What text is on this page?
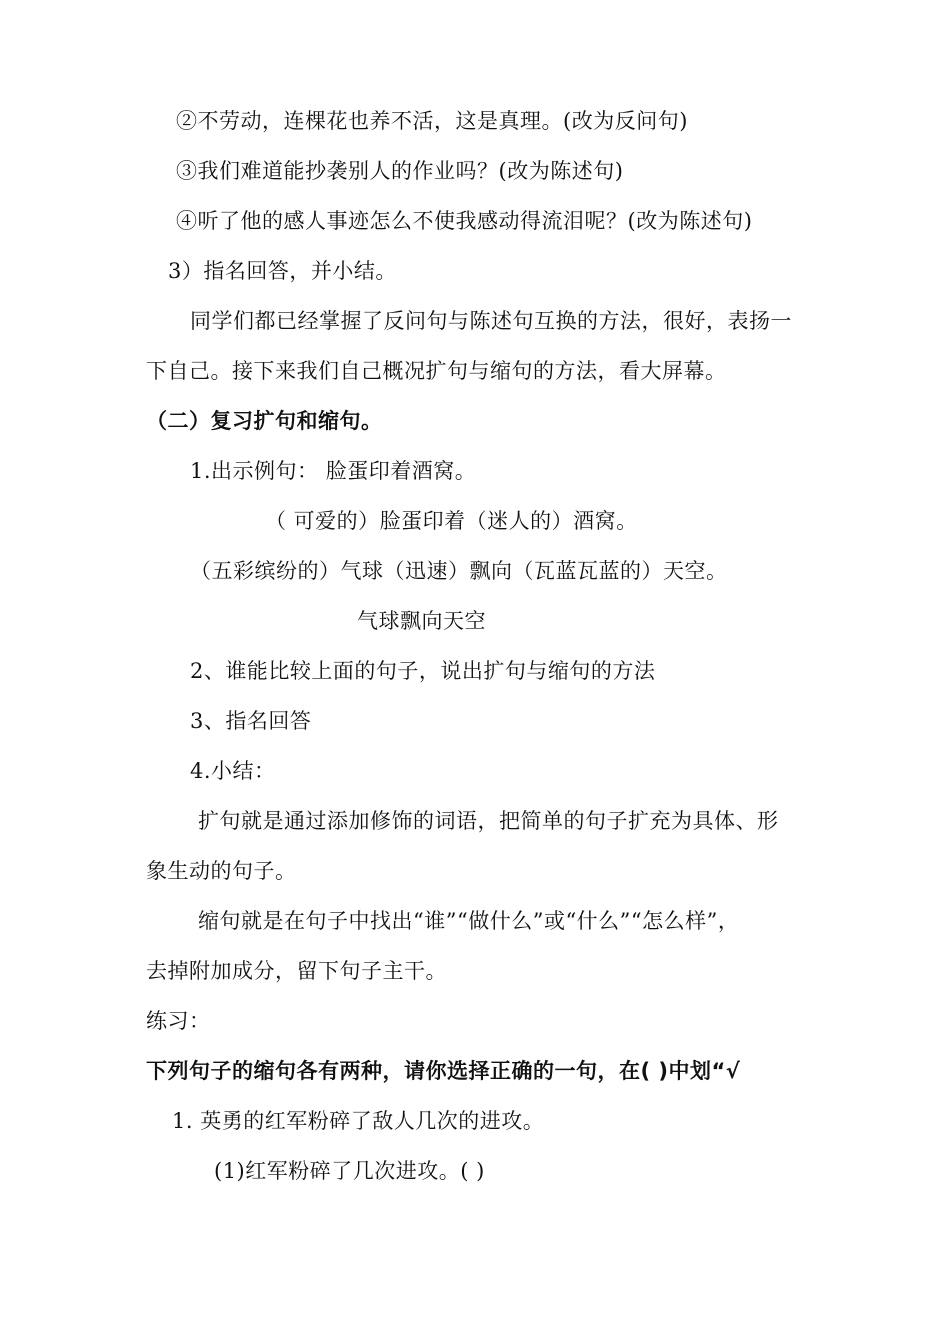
②不劳动，连棵花也养不活，这是真理。(改为反问句)
③我们难道能抄袭别人的作业吗？(改为陈述句)
④听了他的感人事迹怎么不使我感动得流泪呢？(改为陈述句)
3）指名回答，并小结。
同学们都已经掌握了反问句与陈述句互换的方法，很好，表扬一
下自己。接下来我们自己概况扩句与缩句的方法，看大屏幕。
（二）复习扩句和缩句。
1.出示例句： 脸蛋印着酒窝。
（ 可爱的）脸蛋印着（迷人的）酒窝。
（五彩缤纷的）气球（迅速）飘向（瓦蓝瓦蓝的）天空。
气球飘向天空
2、谁能比较上面的句子，说出扩句与缩句的方法
3、指名回答
4.小结：
扩句就是通过添加修饰的词语，把简单的句子扩充为具体、形
象生动的句子。
缩句就是在句子中找出“谁”“做什么”或“什么”“怎么样”，
去掉附加成分，留下句子主干。
练习：
下列句子的缩句各有两种，请你选择正确的一句，在( )中划“√
1. 英勇的红军粉碎了敌人几次的进攻。
(1)红军粉碎了几次进攻。( )
